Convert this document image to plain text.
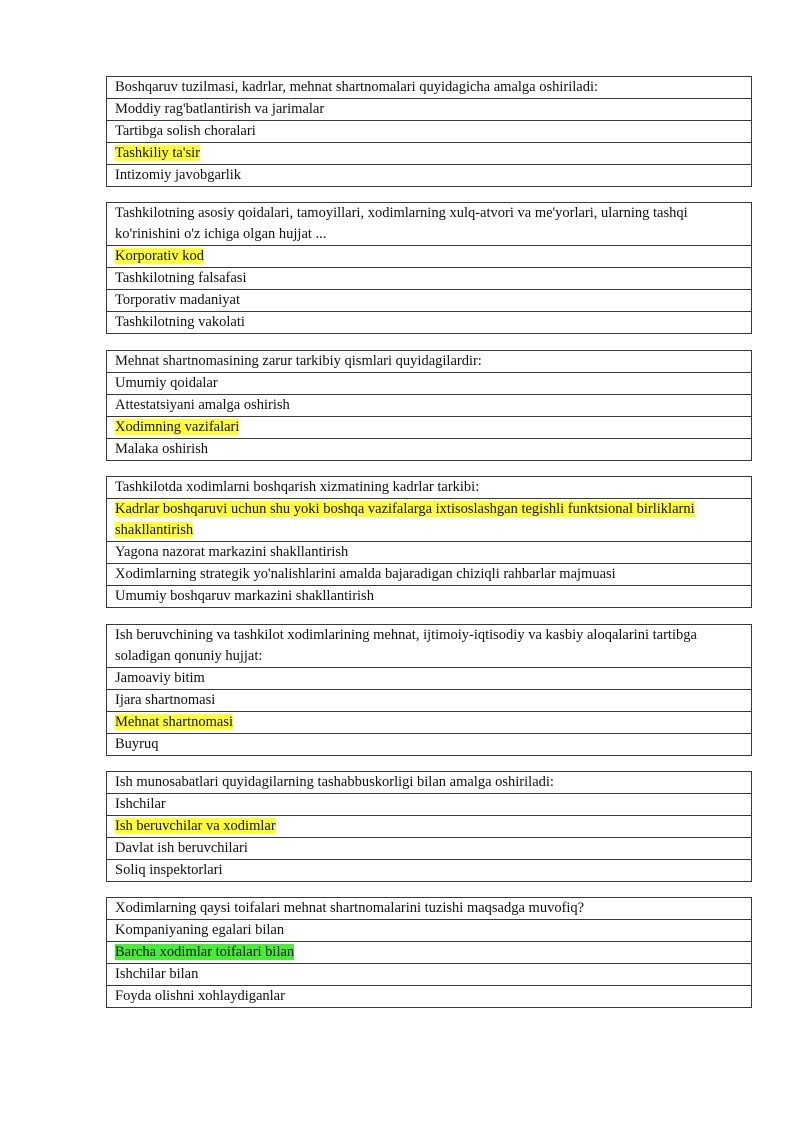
Boshqaruv tuzilmasi, kadrlar, mehnat shartnomalari quyidagicha amalga oshiriladi:
Moddiy rag'batlantirish va jarimalar
Tartibga solish choralari
Tashkiliy ta'sir
Intizomiy javobgarlik
Tashkilotning asosiy qoidalari, tamoyillari, xodimlarning xulq-atvori va me'yorlari, ularning tashqi ko'rinishini o'z ichiga olgan hujjat ...
Korporativ kod
Tashkilotning falsafasi
Torporativ madaniyat
Tashkilotning vakolati
Mehnat shartnomasining zarur tarkibiy qismlari quyidagilardir:
Umumiy qoidalar
Attestatsiyani amalga oshirish
Xodimning vazifalari
Malaka oshirish
Tashkilotda xodimlarni boshqarish xizmatining kadrlar tarkibi:
Kadrlar boshqaruvi uchun shu yoki boshqa vazifalarga ixtisoslashgan tegishli funktsional birliklarni shakllantirish
Yagona nazorat markazini shakllantirish
Xodimlarning strategik yo'nalishlarini amalda bajaradigan chiziqli rahbarlar majmuasi
Umumiy boshqaruv markazini shakllantirish
Ish beruvchining va tashkilot xodimlarining mehnat, ijtimoiy-iqtisodiy va kasbiy aloqalarini tartibga soladigan qonuniy hujjat:
Jamoaviy bitim
Ijara shartnomasi
Mehnat shartnomasi
Buyruq
Ish munosabatlari quyidagilarning tashabbuskorligi bilan amalga oshiriladi:
Ishchilar
Ish beruvchilar va xodimlar
Davlat ish beruvchilari
Soliq inspektorlari
Xodimlarning qaysi toifalari mehnat shartnomalarini tuzishi maqsadga muvofiq?
Kompaniyaning egalari bilan
Barcha xodimlar toifalari bilan
Ishchilar bilan
Foyda olishni xohlaydiganlar
